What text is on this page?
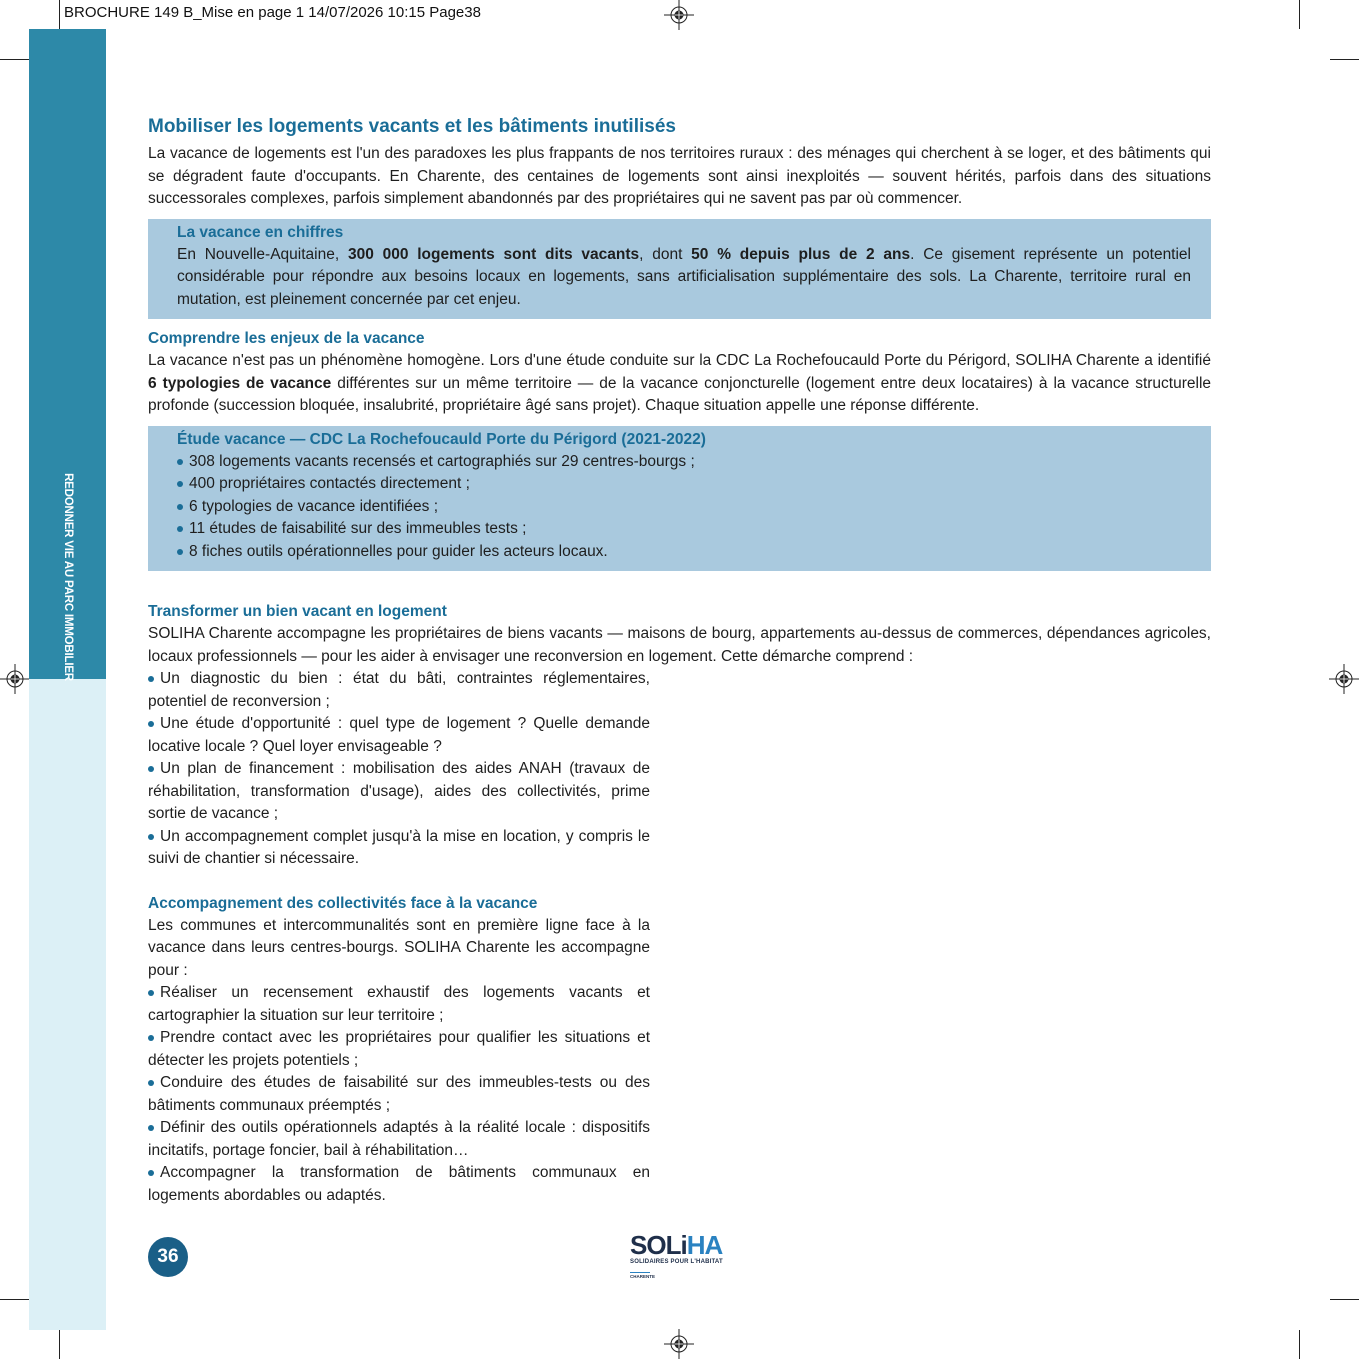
BROCHURE 149 B_Mise en page 1 14/07/2026 10:15 Page38
REDONNER VIE AU PARC IMMOBILIER
Mobiliser les logements vacants et les bâtiments inutilisés

La vacance de logements est l'un des paradoxes les plus frappants de nos territoires ruraux : des ménages qui cherchent à se loger, et des bâtiments qui se dégradent faute d'occupants. En Charente, des centaines de logements sont ainsi inexploités — souvent hérités, parfois dans des situations successorales complexes, parfois simplement abandonnés par des propriétaires qui ne savent pas par où commencer.

La vacance en chiffres

En Nouvelle-Aquitaine, 300 000 logements sont dits vacants, dont 50 % depuis plus de 2 ans. Ce gisement représente un potentiel considérable pour répondre aux besoins locaux en logements, sans artificialisation supplémentaire des sols. La Charente, territoire rural en mutation, est pleinement concernée par cet enjeu.

Comprendre les enjeux de la vacance

La vacance n'est pas un phénomène homogène. Lors d'une étude conduite sur la CDC La Rochefoucauld Porte du Périgord, SOLIHA Charente a identifié 6 typologies de vacance différentes sur un même territoire — de la vacance conjoncturelle (logement entre deux locataires) à la vacance structurelle profonde (succession bloquée, insalubrité, propriétaire âgé sans projet). Chaque situation appelle une réponse différente.

Étude vacance — CDC La Rochefoucauld Porte du Périgord (2021-2022)
308 logements vacants recensés et cartographiés sur 29 centres-bourgs ;
400 propriétaires contactés directement ;
6 typologies de vacance identifiées ;
11 études de faisabilité sur des immeubles tests ;
8 fiches outils opérationnelles pour guider les acteurs locaux.
Transformer un bien vacant en logement

SOLIHA Charente accompagne les propriétaires de biens vacants — maisons de bourg, appartements au-dessus de commerces, dépendances agricoles, locaux professionnels — pour les aider à envisager une reconversion en logement. Cette démarche comprend :

Un diagnostic du bien : état du bâti, contraintes réglementaires, potentiel de reconversion ;
Une étude d'opportunité : quel type de logement ? Quelle demande locative locale ? Quel loyer envisageable ?
Un plan de financement : mobilisation des aides ANAH (travaux de réhabilitation, transformation d'usage), aides des collectivités, prime sortie de vacance ;
Un accompagnement complet jusqu'à la mise en location, y compris le suivi de chantier si nécessaire.
Accompagnement des collectivités face à la vacance

Les communes et intercommunalités sont en première ligne face à la vacance dans leurs centres-bourgs. SOLIHA Charente les accompagne pour :

Réaliser un recensement exhaustif des logements vacants et cartographier la situation sur leur territoire ;
Prendre contact avec les propriétaires pour qualifier les situations et détecter les projets potentiels ;
Conduire des études de faisabilité sur des immeubles-tests ou des bâtiments communaux préemptés ;
Définir des outils opérationnels adaptés à la réalité locale : dispositifs incitatifs, portage foncier, bail à réhabilitation…
Accompagner la transformation de bâtiments communaux en logements abordables ou adaptés.
36	SOLiHA
SOLIDAIRES POUR L'HABITAT
CHARENTE
